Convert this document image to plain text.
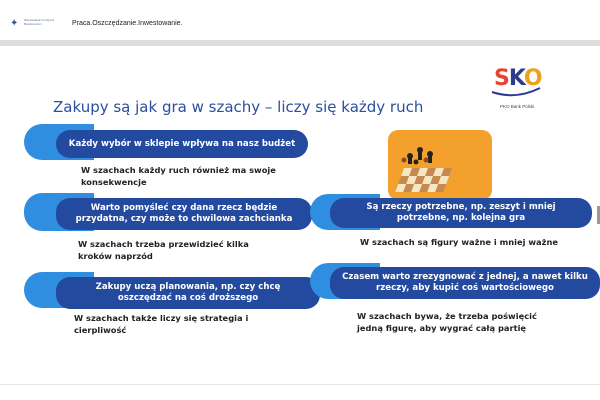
✦ Warszawski Instytut Bankowości	Praca.Oszczędzanie.Inwestowanie.
SKO
PKO Bank Polski
Zakupy są jak gra w szachy – liczy się każdy ruch
Każdy wybór w sklepie wpływa na nasz budżet
W szachach każdy ruch również ma swoje konsekwencje
Warto pomyśleć czy dana rzecz będzie przydatna, czy może to chwilowa zachcianka
W szachach trzeba przewidzieć kilka kroków naprzód
Zakupy uczą planowania, np. czy chcę oszczędzać na coś droższego
W szachach także liczy się strategia i cierpliwość
Są rzeczy potrzebne, np. zeszyt i mniej potrzebne, np. kolejna gra
W szachach są figury ważne i mniej ważne
Czasem warto zrezygnować z jednej, a nawet kilku rzeczy, aby kupić coś wartościowego
W szachach bywa, że trzeba poświęcić jedną figurę, aby wygrać całą partię
